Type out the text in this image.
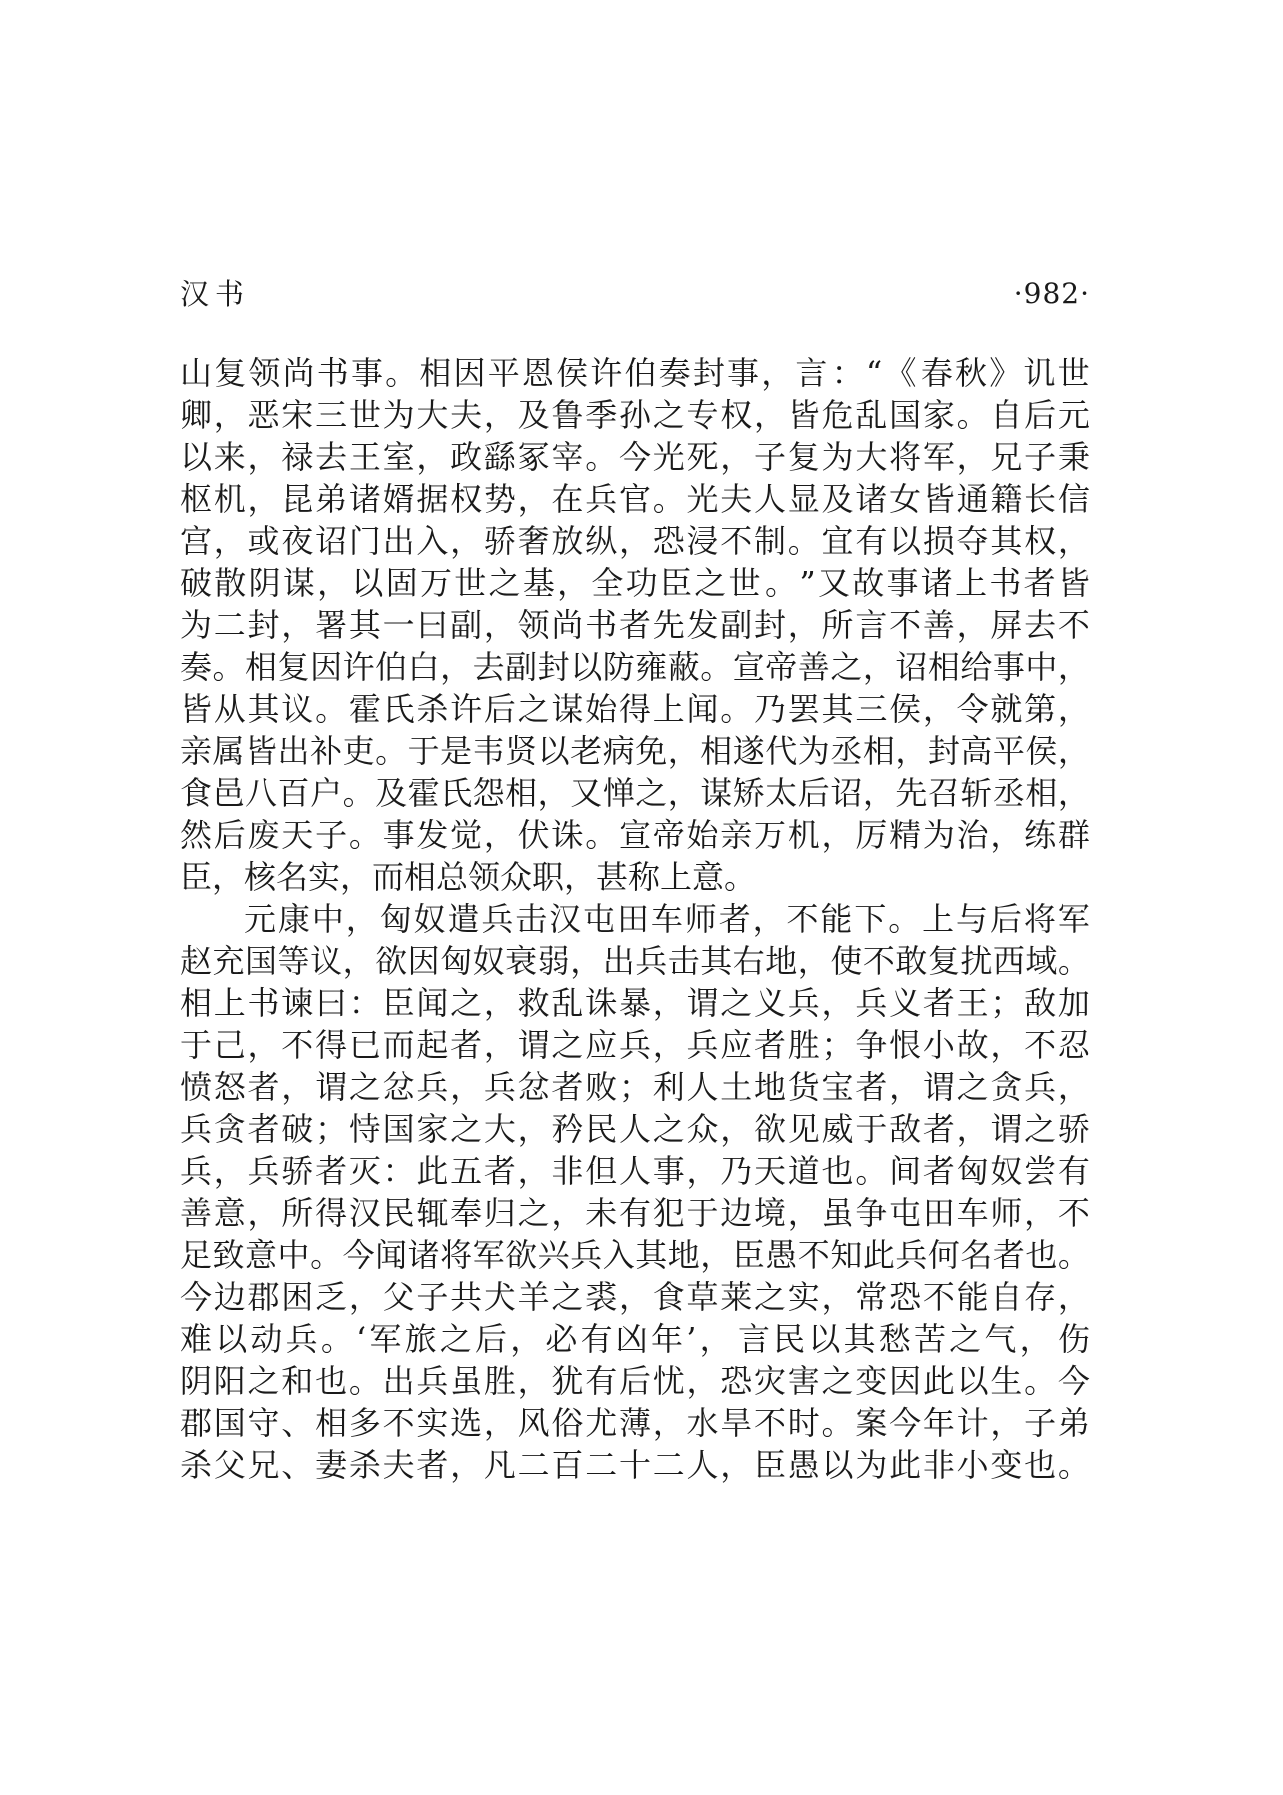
汉书	·982·
山 复 领 尚 书 事 。 相 因 平 恩 侯 许 伯 奏 封 事 ， 言 ： “ 《 春 秋 》 讥 世
卿 ， 恶 宋 三 世 为 大 夫 ， 及 鲁 季 孙 之 专 权 ， 皆 危 乱 国 家 。 自 后 元
以 来 ， 禄 去 王 室 ， 政 繇 冢 宰 。 今 光 死 ， 子 复 为 大 将 军 ， 兄 子 秉
枢 机 ， 昆 弟 诸 婿 据 权 势 ， 在 兵 官 。 光 夫 人 显 及 诸 女 皆 通 籍 长 信
宫 ， 或 夜 诏 门 出 入 ， 骄 奢 放 纵 ， 恐 浸 不 制 。 宜 有 以 损 夺 其 权 ，
破 散 阴 谋 ， 以 固 万 世 之 基 ， 全 功 臣 之 世 。 ” 又 故 事 诸 上 书 者 皆
为 二 封 ， 署 其 一 曰 副 ， 领 尚 书 者 先 发 副 封 ， 所 言 不 善 ， 屏 去 不
奏 。 相 复 因 许 伯 白 ， 去 副 封 以 防 雍 蔽 。 宣 帝 善 之 ， 诏 相 给 事 中 ，
皆 从 其 议 。 霍 氏 杀 许 后 之 谋 始 得 上 闻 。 乃 罢 其 三 侯 ， 令 就 第 ，
亲 属 皆 出 补 吏 。 于 是 韦 贤 以 老 病 免 ， 相 遂 代 为 丞 相 ， 封 高 平 侯 ，
食 邑 八 百 户 。 及 霍 氏 怨 相 ， 又 惮 之 ， 谋 矫 太 后 诏 ， 先 召 斩 丞 相 ，
然 后 废 天 子 。 事 发 觉 ， 伏 诛 。 宣 帝 始 亲 万 机 ， 厉 精 为 治 ， 练 群
臣，核名实，而相总领众职，甚称上意。
元 康 中 ， 匈 奴 遣 兵 击 汉 屯 田 车 师 者 ， 不 能 下 。 上 与 后 将 军
赵 充 国 等 议 ， 欲 因 匈 奴 衰 弱 ， 出 兵 击 其 右 地 ， 使 不 敢 复 扰 西 域 。
相 上 书 谏 曰 ： 臣 闻 之 ， 救 乱 诛 暴 ， 谓 之 义 兵 ， 兵 义 者 王 ； 敌 加
于 己 ， 不 得 已 而 起 者 ， 谓 之 应 兵 ， 兵 应 者 胜 ； 争 恨 小 故 ， 不 忍
愤 怒 者 ， 谓 之 忿 兵 ， 兵 忿 者 败 ； 利 人 土 地 货 宝 者 ， 谓 之 贪 兵 ，
兵 贪 者 破 ； 恃 国 家 之 大 ， 矜 民 人 之 众 ， 欲 见 威 于 敌 者 ， 谓 之 骄
兵 ， 兵 骄 者 灭 ： 此 五 者 ， 非 但 人 事 ， 乃 天 道 也 。 间 者 匈 奴 尝 有
善 意 ， 所 得 汉 民 辄 奉 归 之 ， 未 有 犯 于 边 境 ， 虽 争 屯 田 车 师 ， 不
足 致 意 中 。 今 闻 诸 将 军 欲 兴 兵 入 其 地 ， 臣 愚 不 知 此 兵 何 名 者 也 。
今 边 郡 困 乏 ， 父 子 共 犬 羊 之 裘 ， 食 草 莱 之 实 ， 常 恐 不 能 自 存 ，
难 以 动 兵 。 ‘ 军 旅 之 后 ， 必 有 凶 年 ’ ， 言 民 以 其 愁 苦 之 气 ， 伤
阴 阳 之 和 也 。 出 兵 虽 胜 ， 犹 有 后 忧 ， 恐 灾 害 之 变 因 此 以 生 。 今
郡 国 守 、 相 多 不 实 选 ， 风 俗 尤 薄 ， 水 旱 不 时 。 案 今 年 计 ， 子 弟
杀 父 兄 、 妻 杀 夫 者 ， 凡 二 百 二 十 二 人 ， 臣 愚 以 为 此 非 小 变 也 。
